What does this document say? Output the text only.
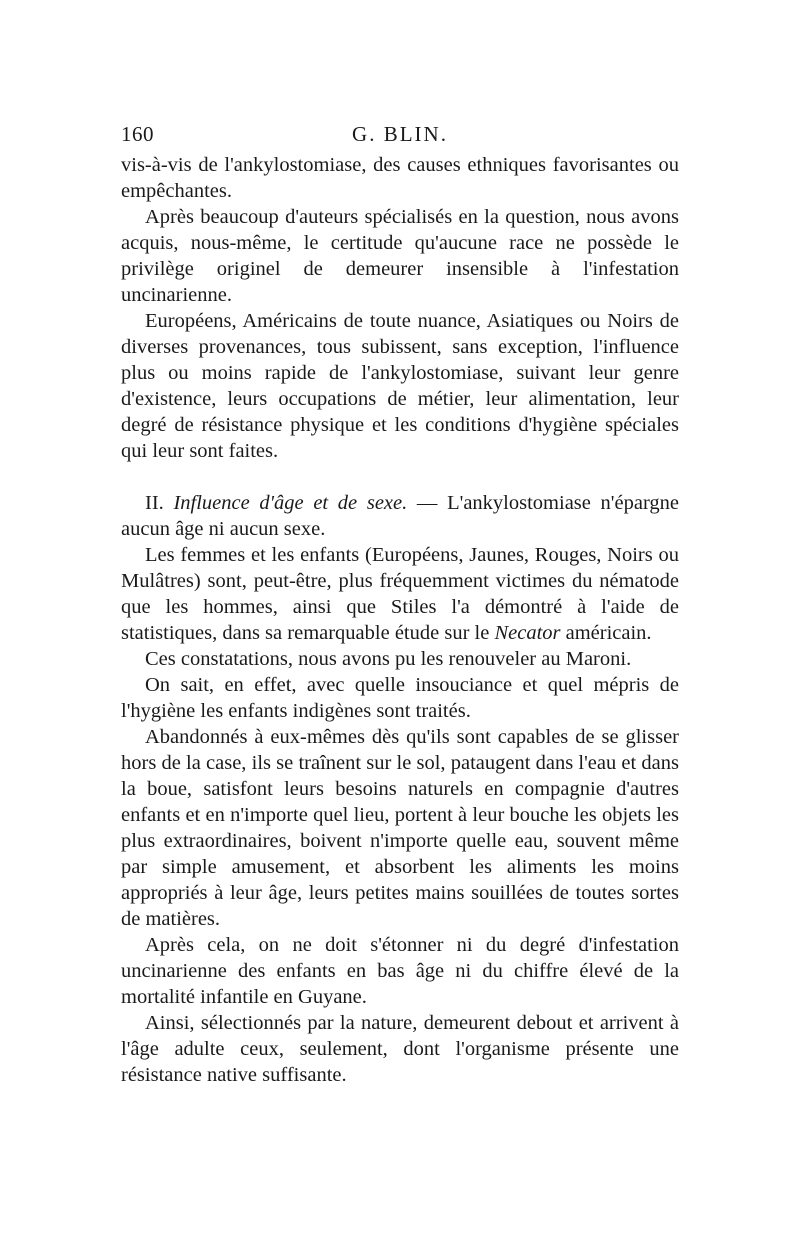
160	G. BLIN.

vis-à-vis de l'ankylostomiase, des causes ethniques favorisantes ou empêchantes.

Après beaucoup d'auteurs spécialisés en la question, nous avons acquis, nous-même, le certitude qu'aucune race ne possède le privilège originel de demeurer insensible à l'infestation uncinarienne.

Européens, Américains de toute nuance, Asiatiques ou Noirs de diverses provenances, tous subissent, sans exception, l'influence plus ou moins rapide de l'ankylostomiase, suivant leur genre d'existence, leurs occupations de métier, leur alimentation, leur degré de résistance physique et les conditions d'hygiène spéciales qui leur sont faites.

II. Influence d'âge et de sexe. — L'ankylostomiase n'épargne aucun âge ni aucun sexe.

Les femmes et les enfants (Européens, Jaunes, Rouges, Noirs ou Mulâtres) sont, peut-être, plus fréquemment victimes du nématode que les hommes, ainsi que Stiles l'a démontré à l'aide de statistiques, dans sa remarquable étude sur le Necator américain.

Ces constatations, nous avons pu les renouveler au Maroni.

On sait, en effet, avec quelle insouciance et quel mépris de l'hygiène les enfants indigènes sont traités.

Abandonnés à eux-mêmes dès qu'ils sont capables de se glisser hors de la case, ils se traînent sur le sol, pataugent dans l'eau et dans la boue, satisfont leurs besoins naturels en compagnie d'autres enfants et en n'importe quel lieu, portent à leur bouche les objets les plus extraordinaires, boivent n'importe quelle eau, souvent même par simple amusement, et absorbent les aliments les moins appropriés à leur âge, leurs petites mains souillées de toutes sortes de matières.

Après cela, on ne doit s'étonner ni du degré d'infestation uncinarienne des enfants en bas âge ni du chiffre élevé de la mortalité infantile en Guyane.

Ainsi, sélectionnés par la nature, demeurent debout et arrivent à l'âge adulte ceux, seulement, dont l'organisme présente une résistance native suffisante.
